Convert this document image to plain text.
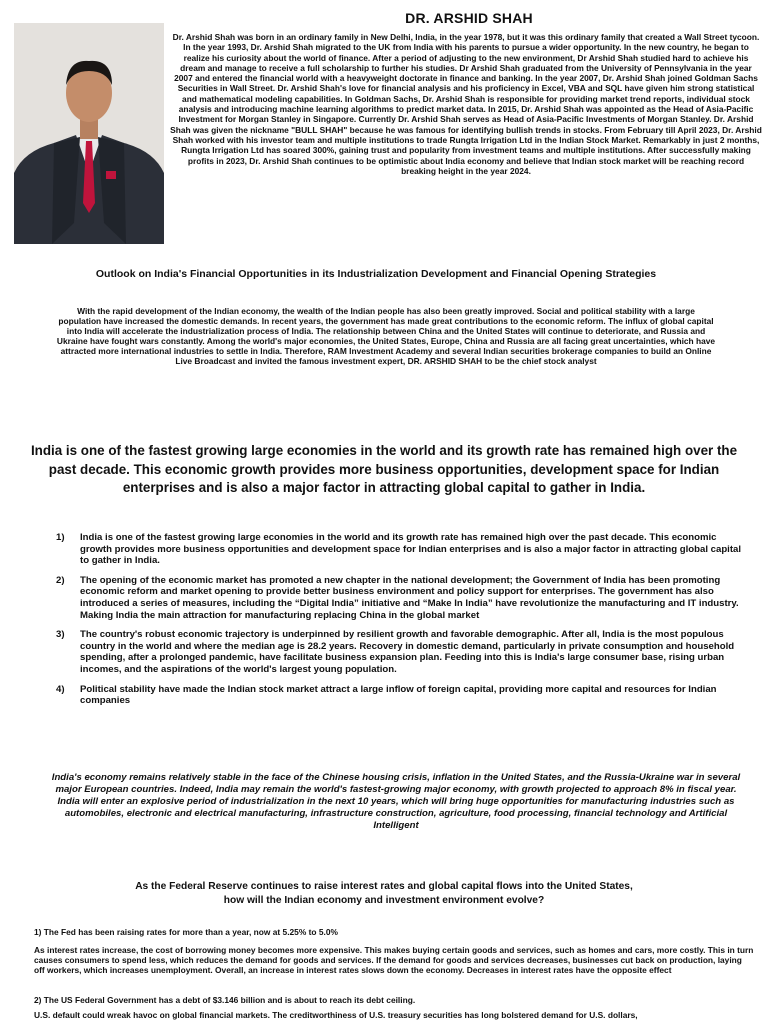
DR. ARSHID SHAH
Dr. Arshid Shah was born in an ordinary family in New Delhi, India, in the year 1978, but it was this ordinary family that created a Wall Street tycoon. In the year 1993, Dr. Arshid Shah migrated to the UK from India with his parents to pursue a wider opportunity. In the new country, he began to realize his curiosity about the world of finance. After a period of adjusting to the new environment, Dr Arshid Shah studied hard to achieve his dream and manage to receive a full scholarship to further his studies. Dr Arshid Shah graduated from the University of Pennsylvania in the year 2007 and entered the financial world with a heavyweight doctorate in finance and banking. In the year 2007, Dr. Arshid Shah joined Goldman Sachs Securities in Wall Street. Dr. Arshid Shah's love for financial analysis and his proficiency in Excel, VBA and SQL have given him strong statistical and mathematical modeling capabilities. In Goldman Sachs, Dr. Arshid Shah is responsible for providing market trend reports, individual stock analysis and introducing machine learning algorithms to predict market data. In 2015, Dr. Arshid Shah was appointed as the Head of Asia-Pacific Investment for Morgan Stanley in Singapore. Currently Dr. Arshid Shah serves as Head of Asia-Pacific Investments of Morgan Stanley. Dr. Arshid Shah was given the nickname "BULL SHAH" because he was famous for identifying bullish trends in stocks. From February till April 2023, Dr. Arshid Shah worked with his investor team and multiple institutions to trade Rungta Irrigation Ltd in the Indian Stock Market. Remarkably in just 2 months, Rungta Irrigation Ltd has soared 300%, gaining trust and popularity from investment teams and multiple institutions. After successfully making profits in 2023, Dr. Arshid Shah continues to be optimistic about India economy and believe that Indian stock market will be reaching record breaking height in the year 2024.
Outlook on India's Financial Opportunities in its Industrialization Development and Financial Opening Strategies
With the rapid development of the Indian economy, the wealth of the Indian people has also been greatly improved. Social and political stability with a large population have increased the domestic demands. In recent years, the government has made great contributions to the economic reform. The influx of global capital into India will accelerate the industrialization process of India. The relationship between China and the United States will continue to deteriorate, and Russia and Ukraine have fought wars constantly. Among the world's major economies, the United States, Europe, China and Russia are all facing great uncertainties, which have attracted more international industries to settle in India. Therefore, RAM Investment Academy and several Indian securities brokerage companies to build an Online Live Broadcast and invited the famous investment expert, DR. ARSHID SHAH to be the chief stock analyst
India is one of the fastest growing large economies in the world and its growth rate has remained high over the past decade. This economic growth provides more business opportunities, development space for Indian enterprises and is also a major factor in attracting global capital to gather in India.
1) India is one of the fastest growing large economies in the world and its growth rate has remained high over the past decade. This economic growth provides more business opportunities and development space for Indian enterprises and is also a major factor in attracting global capital to gather in India.
2) The opening of the economic market has promoted a new chapter in the national development; the Government of India has been promoting economic reform and market opening to provide better business environment and policy support for enterprises. The government has also introduced a series of measures, including the “Digital India” initiative and “Make In India” have revolutionize the manufacturing and IT industry. Making India the main attraction for manufacturing replacing China in the global market
3) The country's robust economic trajectory is underpinned by resilient growth and favorable demographic. After all, India is the most populous country in the world and where the median age is 28.2 years. Recovery in domestic demand, particularly in private consumption and household spending, after a prolonged pandemic, have facilitate business expansion plan. Feeding into this is India's large consumer base, rising urban incomes, and the aspirations of the world's largest young population.
4) Political stability have made the Indian stock market attract a large inflow of foreign capital, providing more capital and resources for Indian companies
India's economy remains relatively stable in the face of the Chinese housing crisis, inflation in the United States, and the Russia-Ukraine war in several major European countries. Indeed, India may remain the world's fastest-growing major economy, with growth projected to approach 8% in fiscal year. India will enter an explosive period of industrialization in the next 10 years, which will bring huge opportunities for manufacturing industries such as automobiles, electronic and electrical manufacturing, infrastructure construction, agriculture, food processing, financial technology and Artificial Intelligent
As the Federal Reserve continues to raise interest rates and global capital flows into the United States,
how will the Indian economy and investment environment evolve?
1) The Fed has been raising rates for more than a year, now at 5.25% to 5.0%
As interest rates increase, the cost of borrowing money becomes more expensive. This makes buying certain goods and services, such as homes and cars, more costly. This in turn causes consumers to spend less, which reduces the demand for goods and services. If the demand for goods and services decreases, businesses cut back on production, laying off workers, which increases unemployment. Overall, an increase in interest rates slows down the economy. Decreases in interest rates have the opposite effect
2) The US Federal Government has a debt of $3.146 billion and is about to reach its debt ceiling.
U.S. default could wreak havoc on global financial markets. The creditworthiness of U.S. treasury securities has long bolstered demand for U.S. dollars,
